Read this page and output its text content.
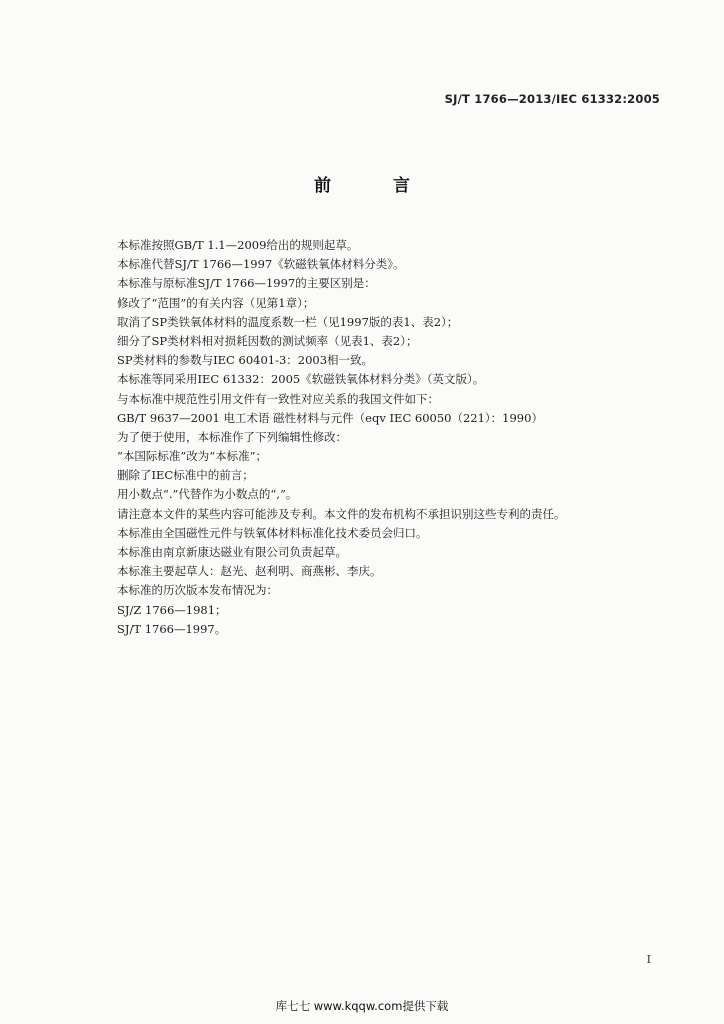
SJ/T 1766—2013/IEC 61332:2005
前 言
本标准按照GB/T 1.1—2009给出的规则起草。
本标准代替SJ/T 1766—1997《软磁铁氧体材料分类》。
本标准与原标准SJ/T 1766—1997的主要区别是：
修改了“范围”的有关内容（见第1章）；
取消了SP类铁氧体材料的温度系数一栏（见1997版的表1、表2）；
细分了SP类材料相对损耗因数的测试频率（见表1、表2）；
SP类材料的参数与IEC 60401-3：2003相一致。
本标准等同采用IEC 61332：2005《软磁铁氧体材料分类》（英文版）。
与本标准中规范性引用文件有一致性对应关系的我国文件如下：
GB/T 9637—2001 电工术语 磁性材料与元件（eqv IEC 60050（221）：1990）
为了便于使用，本标准作了下列编辑性修改：
“本国际标准”改为“本标准”；
删除了IEC标准中的前言；
用小数点“.”代替作为小数点的“,”。
请注意本文件的某些内容可能涉及专利。本文件的发布机构不承担识别这些专利的责任。
本标准由全国磁性元件与铁氧体材料标准化技术委员会归口。
本标准由南京新康达磁业有限公司负责起草。
本标准主要起草人：赵光、赵利明、商燕彬、李庆。
本标准的历次版本发布情况为：
SJ/Z 1766—1981；
SJ/T 1766—1997。
I
库七七 www.kqqw.com提供下载
